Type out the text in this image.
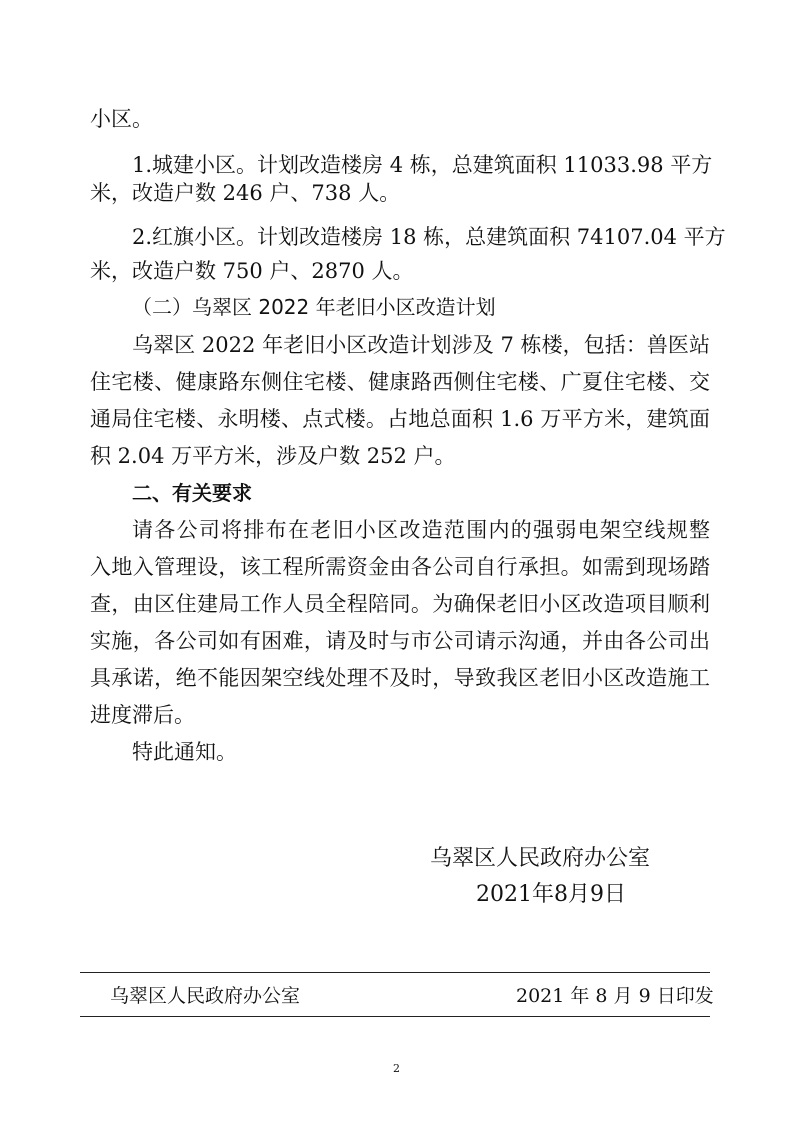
小区。
1.城建小区。计划改造楼房 4 栋，总建筑面积 11033.98 平方
米，改造户数 246 户、738 人。
2.红旗小区。计划改造楼房 18 栋，总建筑面积 74107.04 平方
米，改造户数 750 户、2870 人。
（二）乌翠区 2022 年老旧小区改造计划
乌翠区 2022 年老旧小区改造计划涉及 7 栋楼，包括：兽医站
住宅楼、健康路东侧住宅楼、健康路西侧住宅楼、广夏住宅楼、交
通局住宅楼、永明楼、点式楼。占地总面积 1.6 万平方米，建筑面
积 2.04 万平方米，涉及户数 252 户。
二、有关要求
请各公司将排布在老旧小区改造范围内的强弱电架空线规整
入地入管理设，该工程所需资金由各公司自行承担。如需到现场踏
查，由区住建局工作人员全程陪同。为确保老旧小区改造项目顺利
实施，各公司如有困难，请及时与市公司请示沟通，并由各公司出
具承诺，绝不能因架空线处理不及时，导致我区老旧小区改造施工
进度滞后。
特此通知。
乌翠区人民政府办公室
2021年8月9日
乌翠区人民政府办公室	2021 年 8 月 9 日印发
2
